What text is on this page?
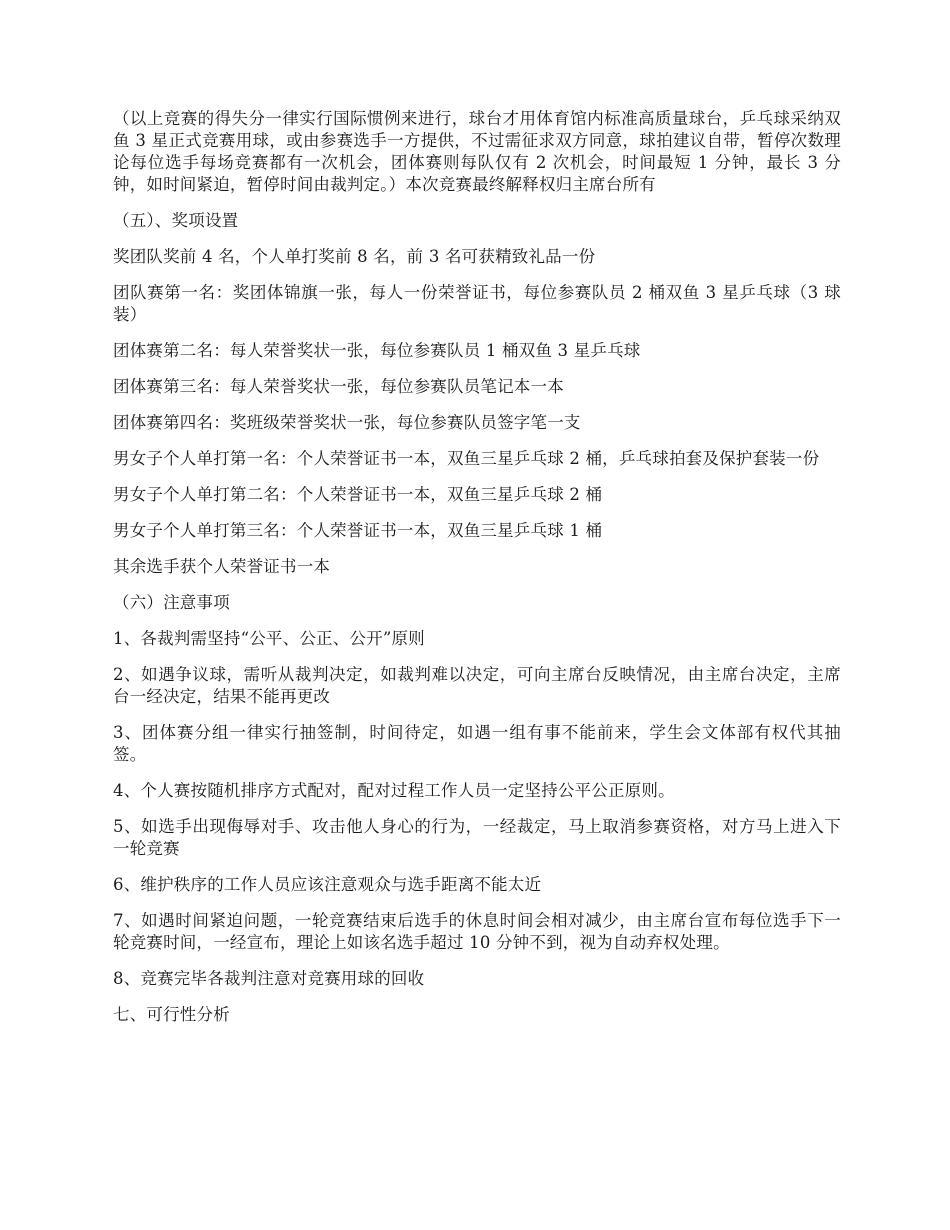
（以上竞赛的得失分一律实行国际惯例来进行，球台才用体育馆内标准高质量球台，乒乓球采纳双鱼 3 星正式竞赛用球，或由参赛选手一方提供，不过需征求双方同意，球拍建议自带，暂停次数理论每位选手每场竞赛都有一次机会，团体赛则每队仅有 2 次机会，时间最短 1 分钟，最长 3 分钟，如时间紧迫，暂停时间由裁判定。）本次竞赛最终解释权归主席台所有

（五）、奖项设置

奖团队奖前 4 名，个人单打奖前 8 名，前 3 名可获精致礼品一份

团队赛第一名：奖团体锦旗一张，每人一份荣誉证书，每位参赛队员 2 桶双鱼 3 星乒乓球（3 球装）

团体赛第二名：每人荣誉奖状一张，每位参赛队员 1 桶双鱼 3 星乒乓球

团体赛第三名：每人荣誉奖状一张，每位参赛队员笔记本一本

团体赛第四名：奖班级荣誉奖状一张，每位参赛队员签字笔一支

男女子个人单打第一名：个人荣誉证书一本，双鱼三星乒乓球 2 桶，乒乓球拍套及保护套装一份

男女子个人单打第二名：个人荣誉证书一本，双鱼三星乒乓球 2 桶

男女子个人单打第三名：个人荣誉证书一本，双鱼三星乒乓球 1 桶

其余选手获个人荣誉证书一本

（六）注意事项

1、各裁判需坚持“公平、公正、公开”原则

2、如遇争议球，需听从裁判决定，如裁判难以决定，可向主席台反映情况，由主席台决定，主席台一经决定，结果不能再更改

3、团体赛分组一律实行抽签制，时间待定，如遇一组有事不能前来，学生会文体部有权代其抽签。

4、个人赛按随机排序方式配对，配对过程工作人员一定坚持公平公正原则。

5、如选手出现侮辱对手、攻击他人身心的行为，一经裁定，马上取消参赛资格，对方马上进入下一轮竞赛

6、维护秩序的工作人员应该注意观众与选手距离不能太近

7、如遇时间紧迫问题，一轮竞赛结束后选手的休息时间会相对减少，由主席台宣布每位选手下一轮竞赛时间，一经宣布，理论上如该名选手超过 10 分钟不到，视为自动弃权处理。

8、竞赛完毕各裁判注意对竞赛用球的回收

七、可行性分析
